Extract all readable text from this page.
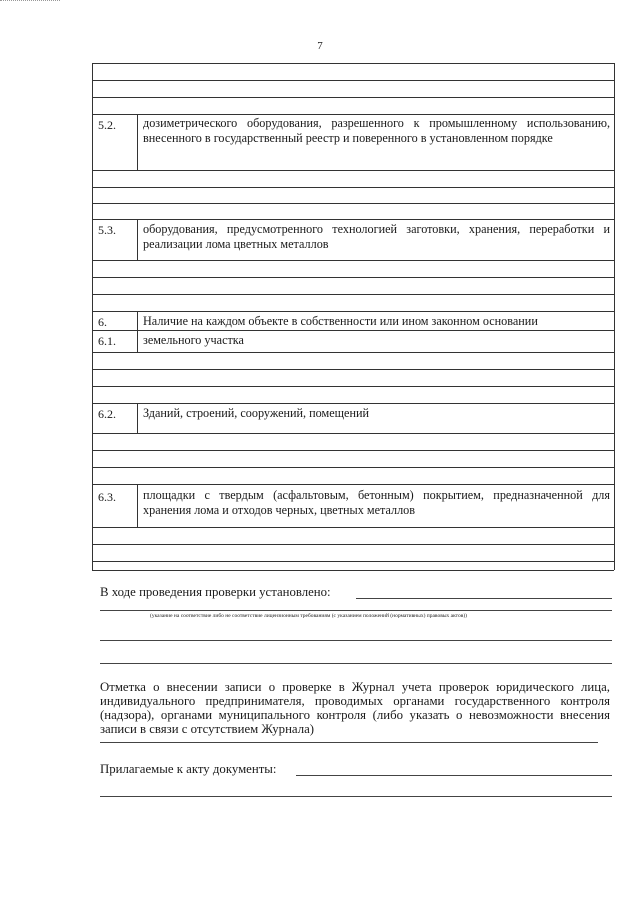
7
5.2. дозиметрического оборудования, разрешенного к промышленному использованию, внесенного в государственный реестр и поверенного в установленном порядке
5.3. оборудования, предусмотренного технологией заготовки, хранения, переработки и реализации лома цветных металлов
6.	Наличие на каждом объекте в собственности или ином законном основании
6.1. земельного участка
6.2. Зданий, строений, сооружений, помещений
6.3. площадки с твердым (асфальтовым, бетонным) покрытием, предназначенной для хранения лома и отходов черных, цветных металлов
В ходе проведения проверки установлено:
(указание на соответствие либо не соответствие лицензионным требованиям (с указанием положений (нормативных) правовых актов))
Отметка о внесении записи о проверке в Журнал учета проверок юридического лица, индивидуального предпринимателя, проводимых органами государственного контроля (надзора), органами муниципального контроля (либо указать о невозможности внесения записи в связи с отсутствием Журнала)
Прилагаемые к акту документы:
